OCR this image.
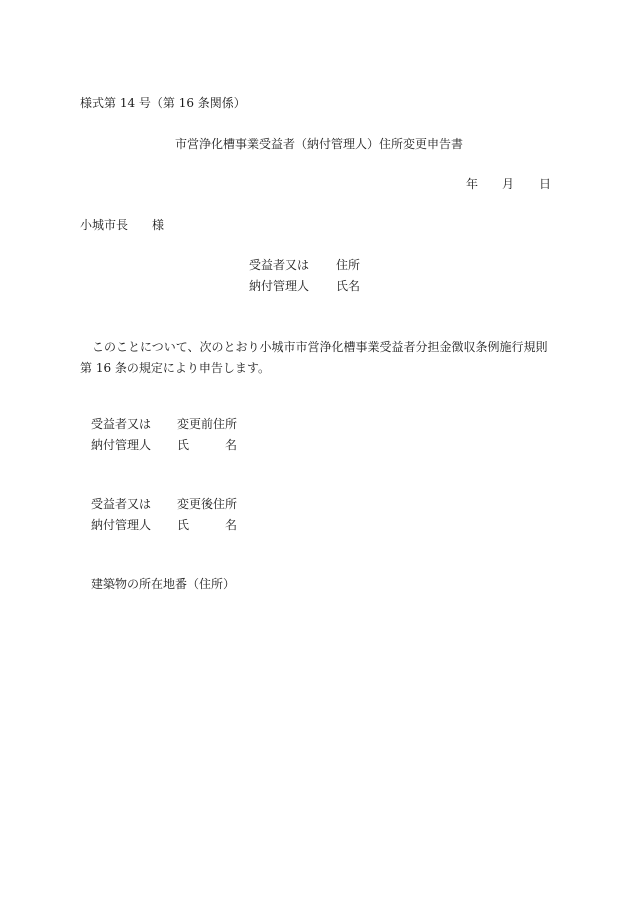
様式第 14 号（第 16 条関係）
市営浄化槽事業受益者（納付管理人）住所変更申告書
年 月 日
小城市長 様
受益者又は
納付管理人
住所
氏名
このことについて、次のとおり小城市市営浄化槽事業受益者分担金徴収条例施行規則
第 16 条の規定により申告します。
受益者又は 変更前住所
納付管理人 氏	名
受益者又は 変更後住所
納付管理人 氏	名
建築物の所在地番（住所）
